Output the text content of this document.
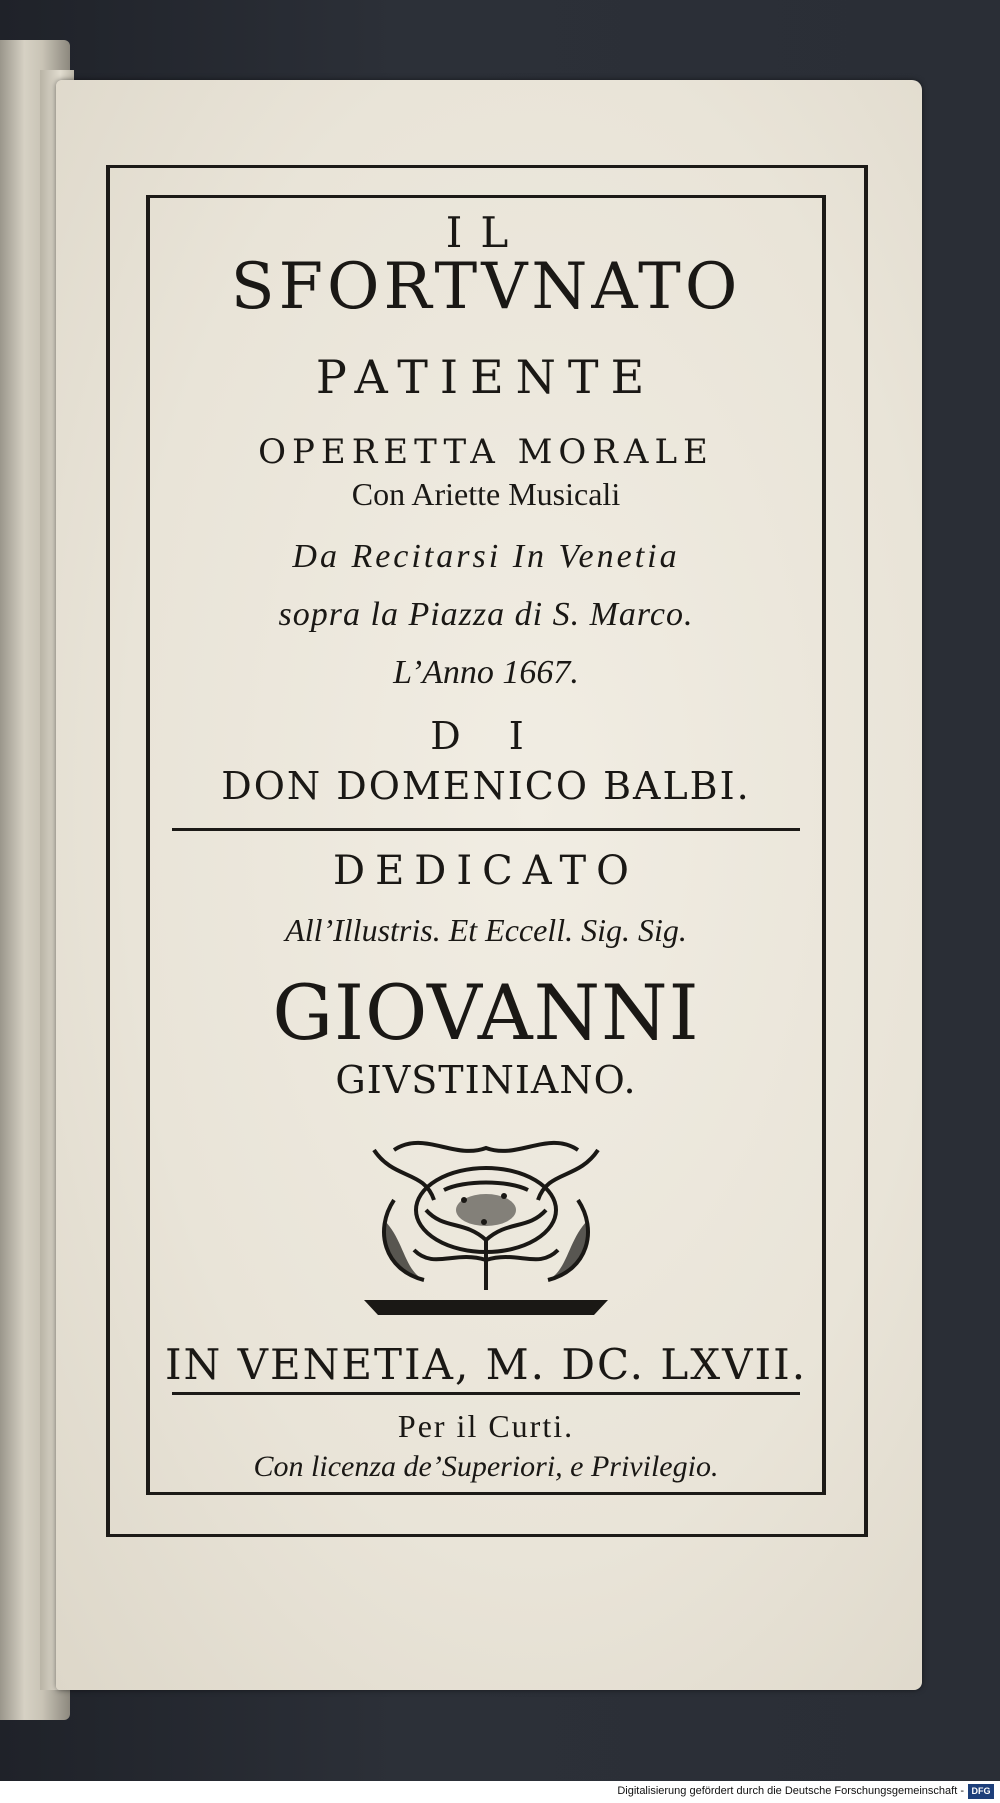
IL
SFORTVNATO
PATIENTE
OPERETTA MORALE
Con Ariette Musicali
Da Recitarsi In Venetia
sopra la Piazza di S. Marco.
L’Anno 1667.
D I
DON DOMENICO BALBI.
DEDICATO
All’Illustris. Et Eccell. Sig. Sig.
GIOVANNI
GIVSTINIANO.
IN VENETIA, M. DC. LXVII.
Per il Curti.
Con licenza de’Superiori, e Privilegio.
Digitalisierung gefördert durch die Deutsche Forschungsgemeinschaft - DFG
